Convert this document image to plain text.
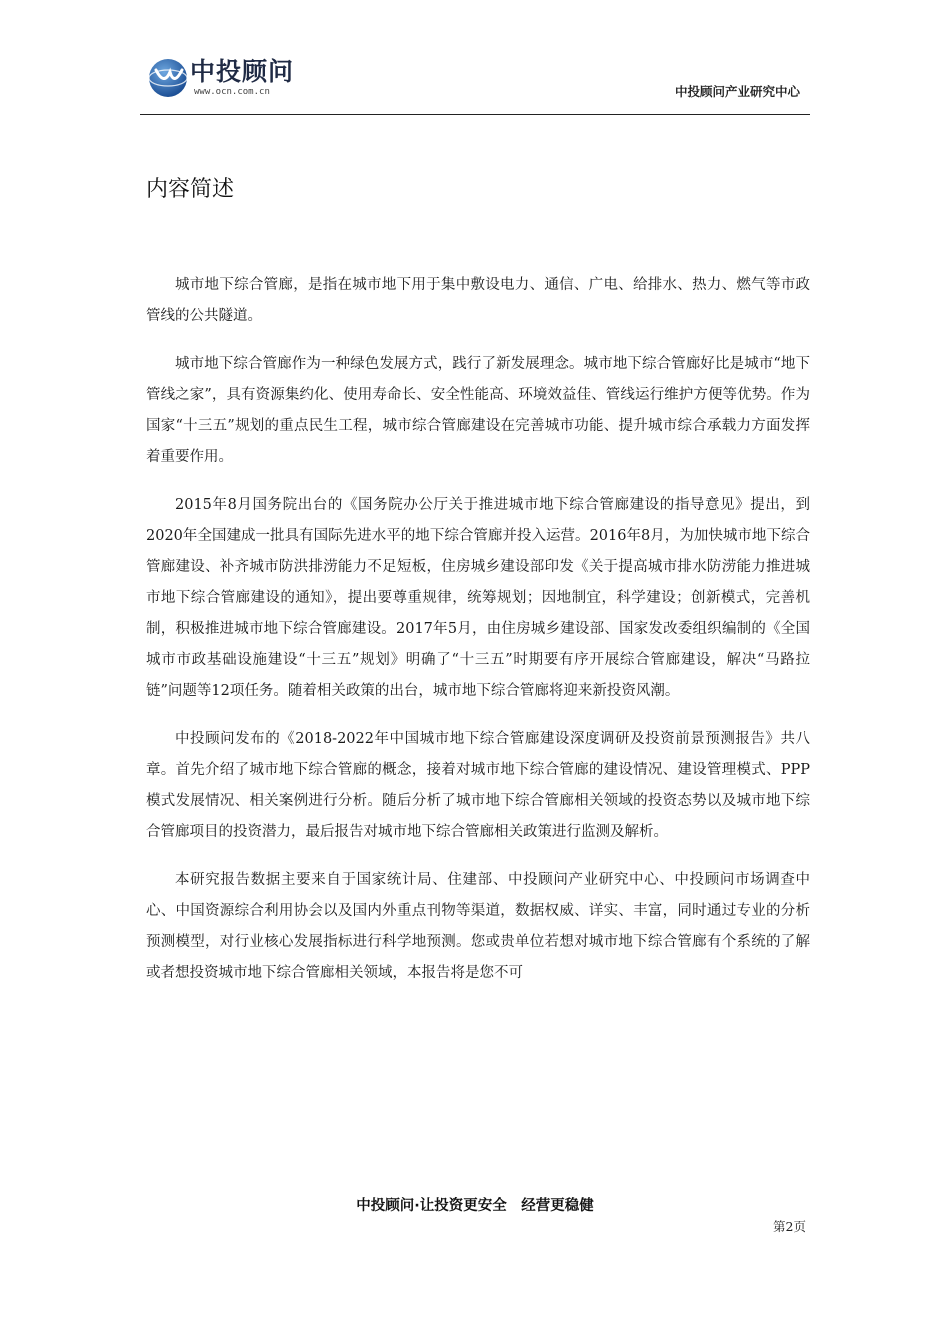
中投顾问
www.ocn.com.cn	中投顾问产业研究中心
内容简述

城市地下综合管廊，是指在城市地下用于集中敷设电力、通信、广电、给排水、热力、燃气等市政管线的公共隧道。

城市地下综合管廊作为一种绿色发展方式，践行了新发展理念。城市地下综合管廊好比是城市“地下管线之家”，具有资源集约化、使用寿命长、安全性能高、环境效益佳、管线运行维护方便等优势。作为国家“十三五”规划的重点民生工程，城市综合管廊建设在完善城市功能、提升城市综合承载力方面发挥着重要作用。

2015年8月国务院出台的《国务院办公厅关于推进城市地下综合管廊建设的指导意见》提出，到2020年全国建成一批具有国际先进水平的地下综合管廊并投入运营。2016年8月，为加快城市地下综合管廊建设、补齐城市防洪排涝能力不足短板，住房城乡建设部印发《关于提高城市排水防涝能力推进城市地下综合管廊建设的通知》，提出要尊重规律，统筹规划；因地制宜，科学建设；创新模式，完善机制，积极推进城市地下综合管廊建设。2017年5月，由住房城乡建设部、国家发改委组织编制的《全国城市市政基础设施建设“十三五”规划》明确了“十三五”时期要有序开展综合管廊建设，解决“马路拉链”问题等12项任务。随着相关政策的出台，城市地下综合管廊将迎来新投资风潮。

中投顾问发布的《2018-2022年中国城市地下综合管廊建设深度调研及投资前景预测报告》共八章。首先介绍了城市地下综合管廊的概念，接着对城市地下综合管廊的建设情况、建设管理模式、PPP模式发展情况、相关案例进行分析。随后分析了城市地下综合管廊相关领域的投资态势以及城市地下综合管廊项目的投资潜力，最后报告对城市地下综合管廊相关政策进行监测及解析。

本研究报告数据主要来自于国家统计局、住建部、中投顾问产业研究中心、中投顾问市场调查中心、中国资源综合利用协会以及国内外重点刊物等渠道，数据权威、详实、丰富，同时通过专业的分析预测模型，对行业核心发展指标进行科学地预测。您或贵单位若想对城市地下综合管廊有个系统的了解或者想投资城市地下综合管廊相关领域，本报告将是您不可

中投顾问·让投资更安全　经营更稳健
第2页
